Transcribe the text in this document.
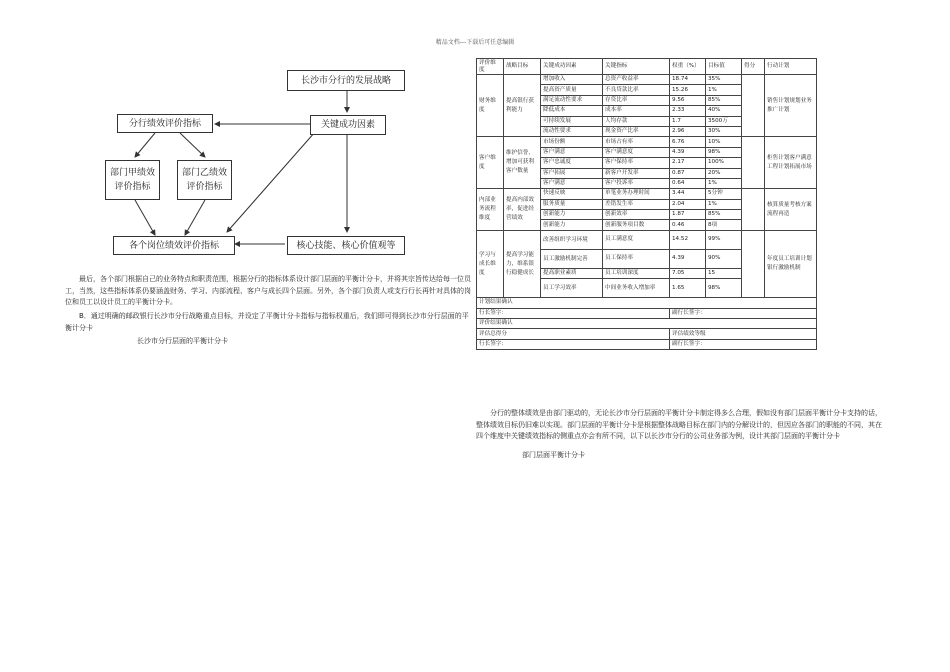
精品文档---下载后可任意编辑
长沙市分行的发展战略
分行绩效评价指标	关键成功因素
部门甲绩效评价指标
部门乙绩效评价指标
各个岗位绩效评价指标	核心技能、核心价值观等
最后，各个部门根据自己的业务特点和职责范围，根据分行的指标体系设计部门层面的平衡计分卡，并将其宗旨传达给每一位员工，当然，这些指标体系仍要涵盖财务、学习、内部流程、客户与成长四个层面。另外，各个部门负责人或支行行长再针对具体的岗位和员工以设计员工的平衡计分卡。
B．通过明确的邮政银行长沙市分行战略重点目标，并设定了平衡计分卡指标与指标权重后，我们即可得到长沙市分行层面的平衡计分卡
长沙市分行层面的平衡计分卡
评价维度	战略目标	关键成功因素	关键指标	权重（%）	目标值	得分	行动计划
财务维度	提高银行获利能力	增加收入	总资产收益率	18.74	35%		销售计划规划业务推广计划
		提高资产质量	不良贷款比率	15.26	1%		
		满足流动性要求	存贷比率	9.56	85%		
		降低成本	成本率	2.33	40%		
		可持续发展	人均存款	1.7	3500万		
		流动性要求	现金资产比率	2.96	30%		
客户维度	维护信誉，增加可获利客户数量	市场份额	市场占有率	6.76	10%		柜售计划客户满意工程计划拓展市场
		客户满意	客户满意度	4.39	98%		
		客户忠诚度	客户保持率	2.17	100%		
		客户拓展	新客户开发率	0.87	20%		
		客户满意	客户投诉率	0.64	1%		
内部业务流程维度	提高内部效率，促进经营绩效	快速反映	单笔业务办理时间	3.44	5分钟		核算质量考核方案流程再造
		服务质量	差错发生率	2.04	1%		
		创新能力	创新效率	1.87	85%		
		创新能力	创新服务项目数	0.46	8项		
学习与成长维度	提高学习能力，维系银行稳健成长	改善组织学习环境	员工满意度	14.52	99%		年度员工培训计划银行激励机制
		员工激励机制完善	员工保持率	4.39	90%		
		提高职业素质	员工培训深度	7.05	15		
		员工学习效率	中间业务收入增加率	1.65	98%		
计划结果确认							
行长签字：				副行长签字：			
评价结果确认							
评估总得分				评估绩效等级			
行长签字：				副行长签字：			
分行的整体绩效是由部门驱动的，无论长沙市分行层面的平衡计分卡制定得多么合理，假如没有部门层面平衡计分卡支持的话，整体绩效目标仍旧难以实现。部门层面的平衡计分卡是根据整体战略目标在部门内的分解设计的，但因应各部门的职能的不同，其在四个维度中关键绩效指标的侧重点亦会有所不同，以下以长沙市分行的公司业务部为例，设计其部门层面的平衡计分卡
部门层面平衡计分卡
